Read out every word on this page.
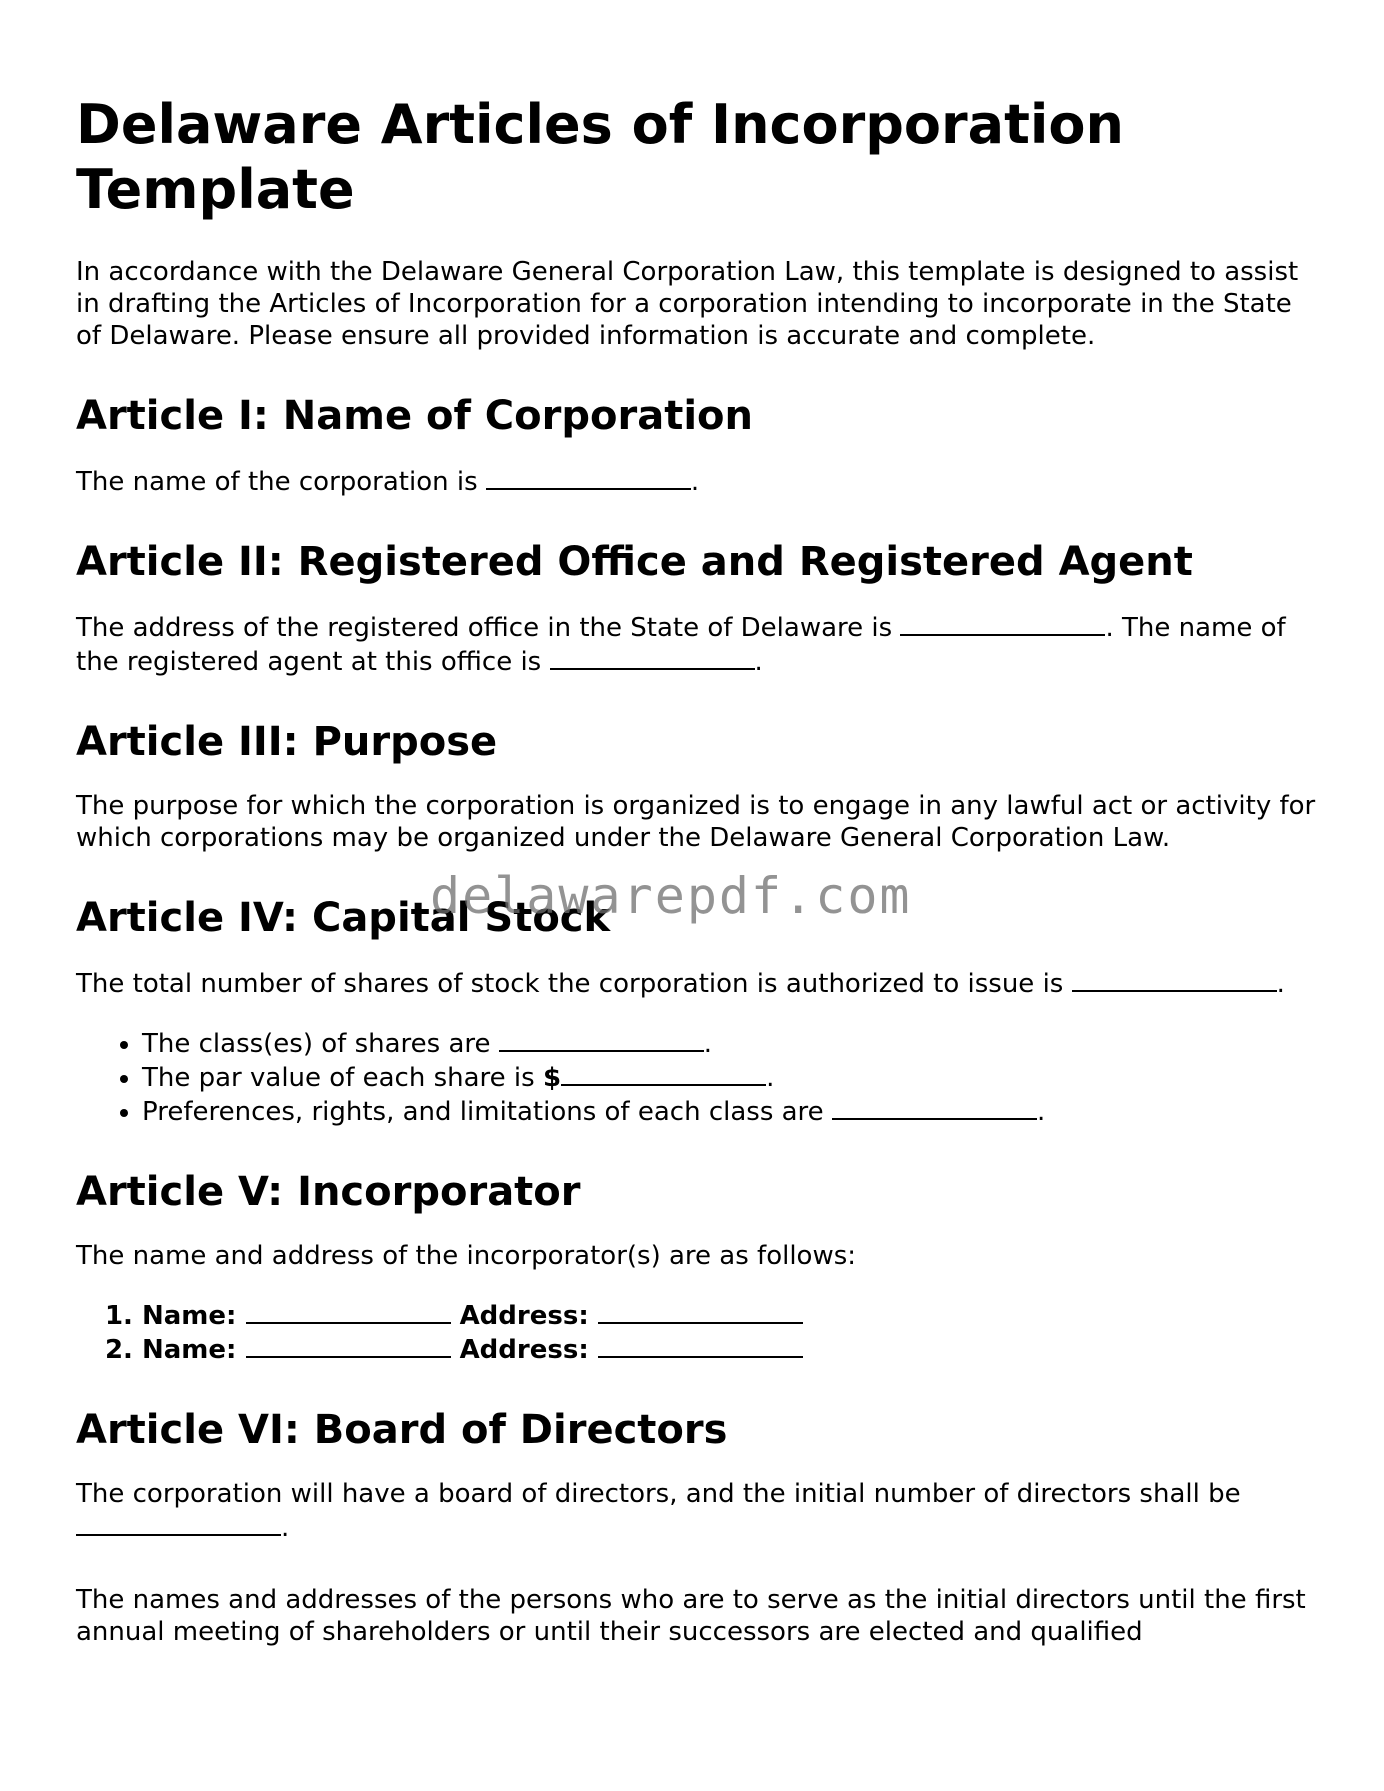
Delaware Articles of Incorporation Template

In accordance with the Delaware General Corporation Law, this template is designed to assist in drafting the Articles of Incorporation for a corporation intending to incorporate in the State of Delaware. Please ensure all provided information is accurate and complete.

Article I: Name of Corporation

The name of the corporation is	.

Article II: Registered Office and Registered Agent

The address of the registered office in the State of Delaware is	. The name of the registered agent at this office is	.

Article III: Purpose

The purpose for which the corporation is organized is to engage in any lawful act or activity for which corporations may be organized under the Delaware General Corporation Law.

Article IV: Capital Stock

The total number of shares of stock the corporation is authorized to issue is	.

• The class(es) of shares are	.
• The par value of each share is $	.
• Preferences, rights, and limitations of each class are	.
Article V: Incorporator

The name and address of the incorporator(s) are as follows:

1. Name:	Address:
2. Name:	Address:
Article VI: Board of Directors

The corporation will have a board of directors, and the initial number of directors shall be .

The names and addresses of the persons who are to serve as the initial directors until the first annual meeting of shareholders or until their successors are elected and qualified

delawarepdf.com
